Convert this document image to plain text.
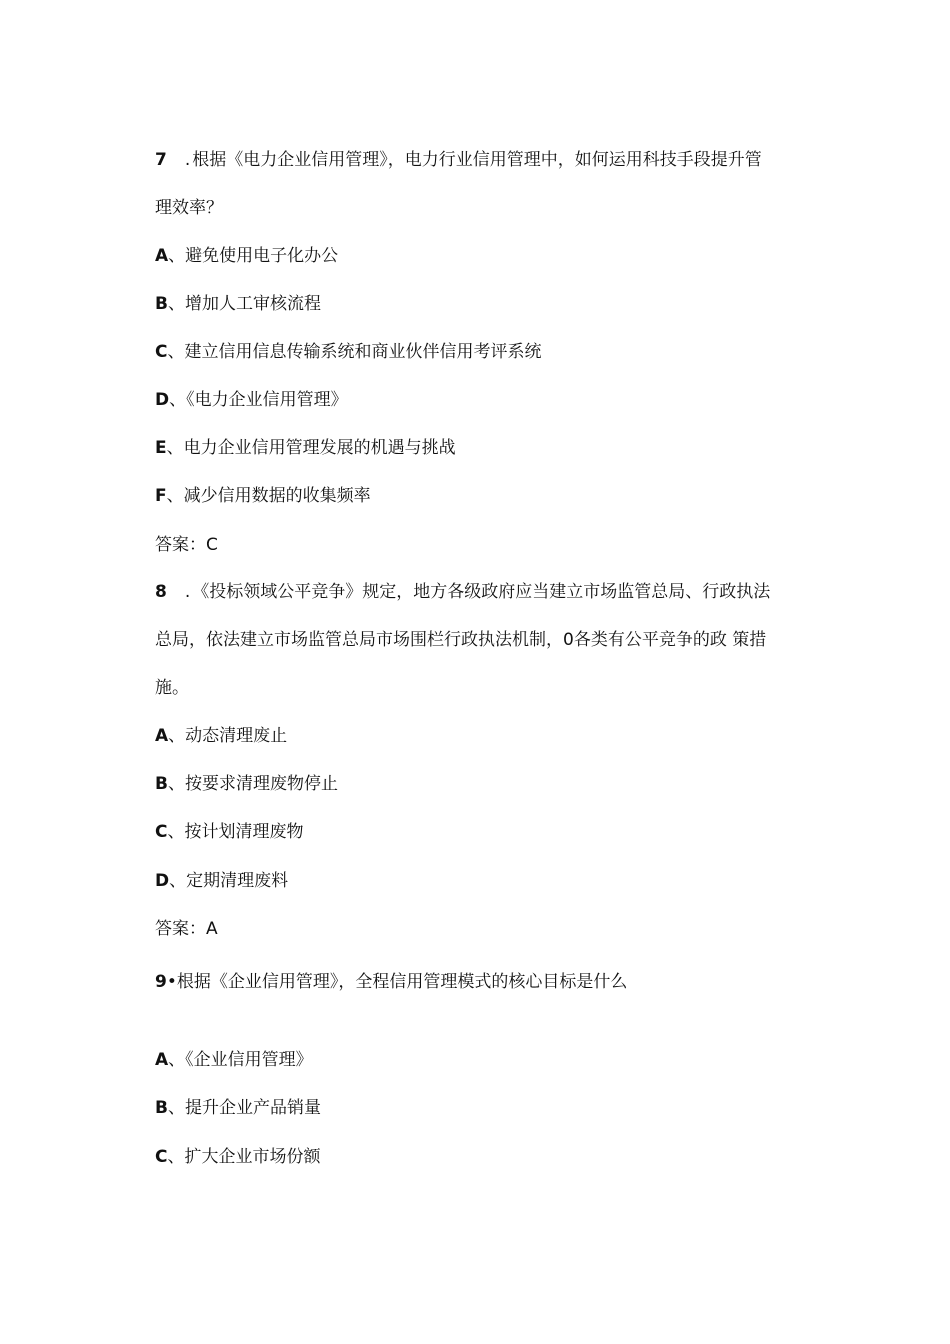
7 . 根据《电力企业信用管理》，电力行业信用管理中，如何运用科技手段提升管
理效率？
A、避免使用电子化办公
B、增加人工审核流程
C、建立信用信息传输系统和商业伙伴信用考评系统
D、《电力企业信用管理》
E、电力企业信用管理发展的机遇与挑战
F、减少信用数据的收集频率
答案：C
8 . 《投标领域公平竞争》规定，地方各级政府应当建立市场监管总局、行政执法
总局，依法建立市场监管总局市场围栏行政执法机制，0各类有公平竞争的政 策措
施。
A、动态清理废止
B、按要求清理废物停止
C、按计划清理废物
D、定期清理废料
答案：A
9•根据《企业信用管理》，全程信用管理模式的核心目标是什么
A、《企业信用管理》
B、提升企业产品销量
C、扩大企业市场份额
